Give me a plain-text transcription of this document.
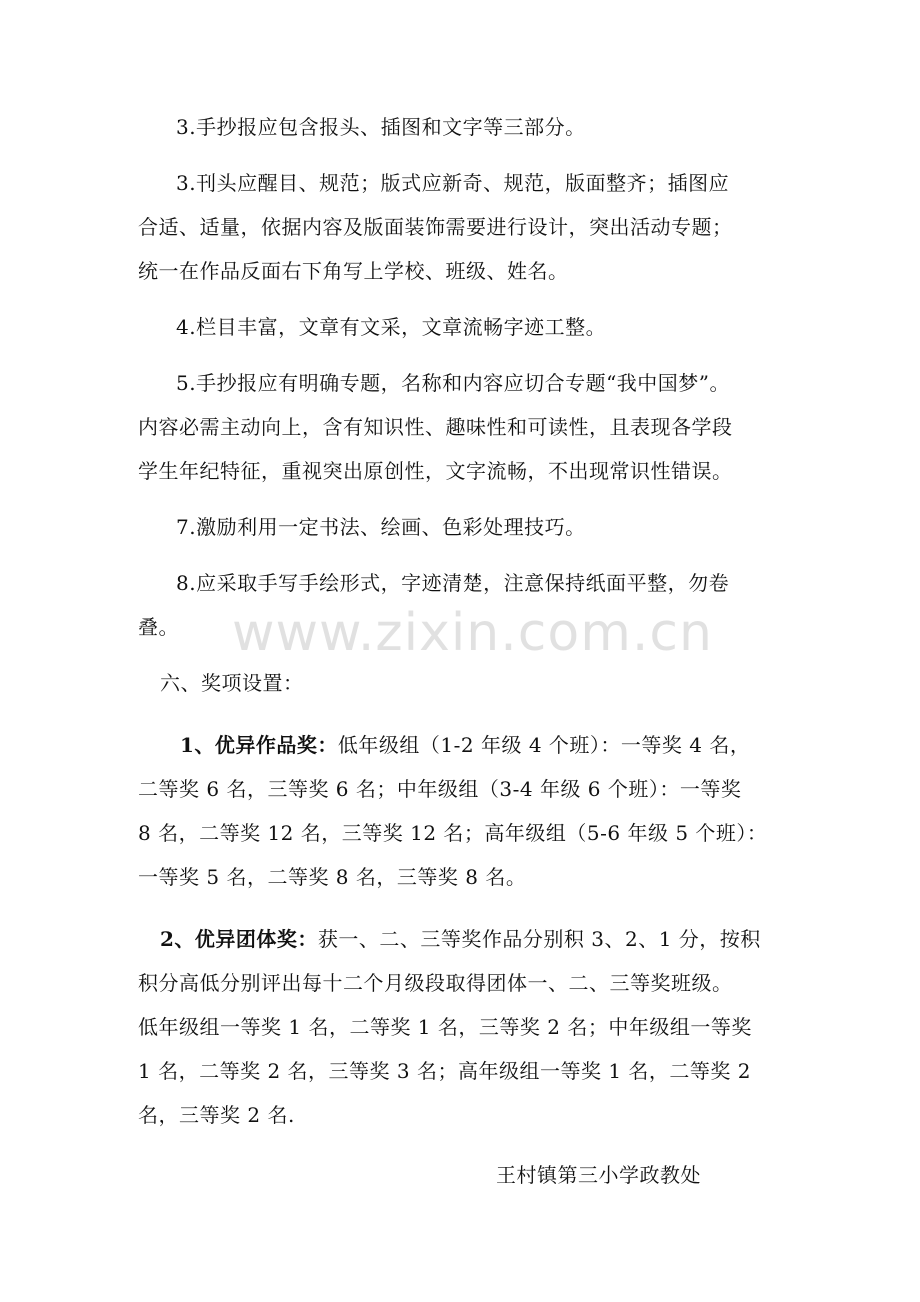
3.手抄报应包含报头、插图和文字等三部分。
3.刊头应醒目、规范；版式应新奇、规范，版面整齐；插图应
合适、适量，依据内容及版面装饰需要进行设计，突出活动专题；
统一在作品反面右下角写上学校、班级、姓名。
4.栏目丰富，文章有文采，文章流畅字迹工整。
5.手抄报应有明确专题，名称和内容应切合专题“我中国梦”。
内容必需主动向上，含有知识性、趣味性和可读性，且表现各学段
学生年纪特征，重视突出原创性，文字流畅，不出现常识性错误。
7.激励利用一定书法、绘画、色彩处理技巧。
8.应采取手写手绘形式，字迹清楚，注意保持纸面平整，勿卷
叠。
六、奖项设置：
1、优异作品奖：低年级组（1-2 年级 4 个班）：一等奖 4 名，
二等奖 6 名，三等奖 6 名；中年级组（3-4 年级 6 个班）：一等奖
8 名，二等奖 12 名，三等奖 12 名；高年级组（5-6 年级 5 个班）：
一等奖 5 名，二等奖 8 名，三等奖 8 名。
2、优异团体奖：获一、二、三等奖作品分别积 3、2、1 分，按积
积分高低分别评出每十二个月级段取得团体一、二、三等奖班级。
低年级组一等奖 1 名，二等奖 1 名，三等奖 2 名；中年级组一等奖
1 名，二等奖 2 名，三等奖 3 名；高年级组一等奖 1 名，二等奖 2
名，三等奖 2 名.
王村镇第三小学政教处
www.zixin.com.cn
